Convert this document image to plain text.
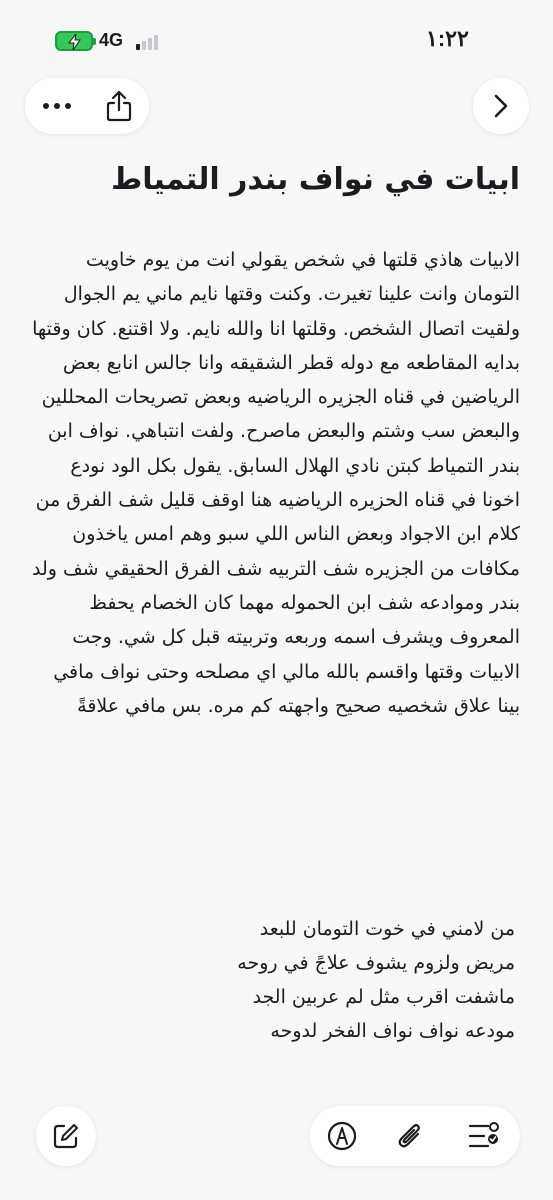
4G	١:٢٢
ابيات في نواف بندر التمياط
الابيات هاذي قلتها في شخص يقولي انت من يوم خاويت التومان وانت علينا تغيرت. وكنت وقتها نايم ماني يم الجوال ولقيت اتصال الشخص. وقلتها انا والله نايم. ولا اقتنع. كان وقتها بدايه المقاطعه مع دوله قطر الشقيقه وانا جالس انابع بعض الرياضين في قناه الجزيره الرياضيه وبعض تصريحات المحللين والبعض سب وشتم والبعض ماصرح. ولفت انتباهي. نواف ابن بندر التمياط كبتن نادي الهلال السابق. يقول بكل الود نودع اخونا في قناه الحزيره الرياضيه هنا اوقف قليل شف الفرق من كلام ابن الاجواد وبعض الناس اللي سبو وهم امس ياخذون مكافات من الجزيره شف التربيه شف الفرق الحقيقي شف ولد بندر وموادعه شف ابن الحموله مهما كان الخصام يحفظ المعروف ويشرف اسمه وربعه وتربيته قبل كل شي. وجت الابيات وقتها واقسم بالله مالي اي مصلحه وحتى نواف مافي بينا علاق شخصيه صحيح واجهته كم مره. بس مافي علاقةً
من لامني في خوت التومان للبعد
مريض ولزوم يشوف علاجً في روحه
ماشفت اقرب مثل لم عربين الجد
مودعه نواف نواف الفخر لدوحه
